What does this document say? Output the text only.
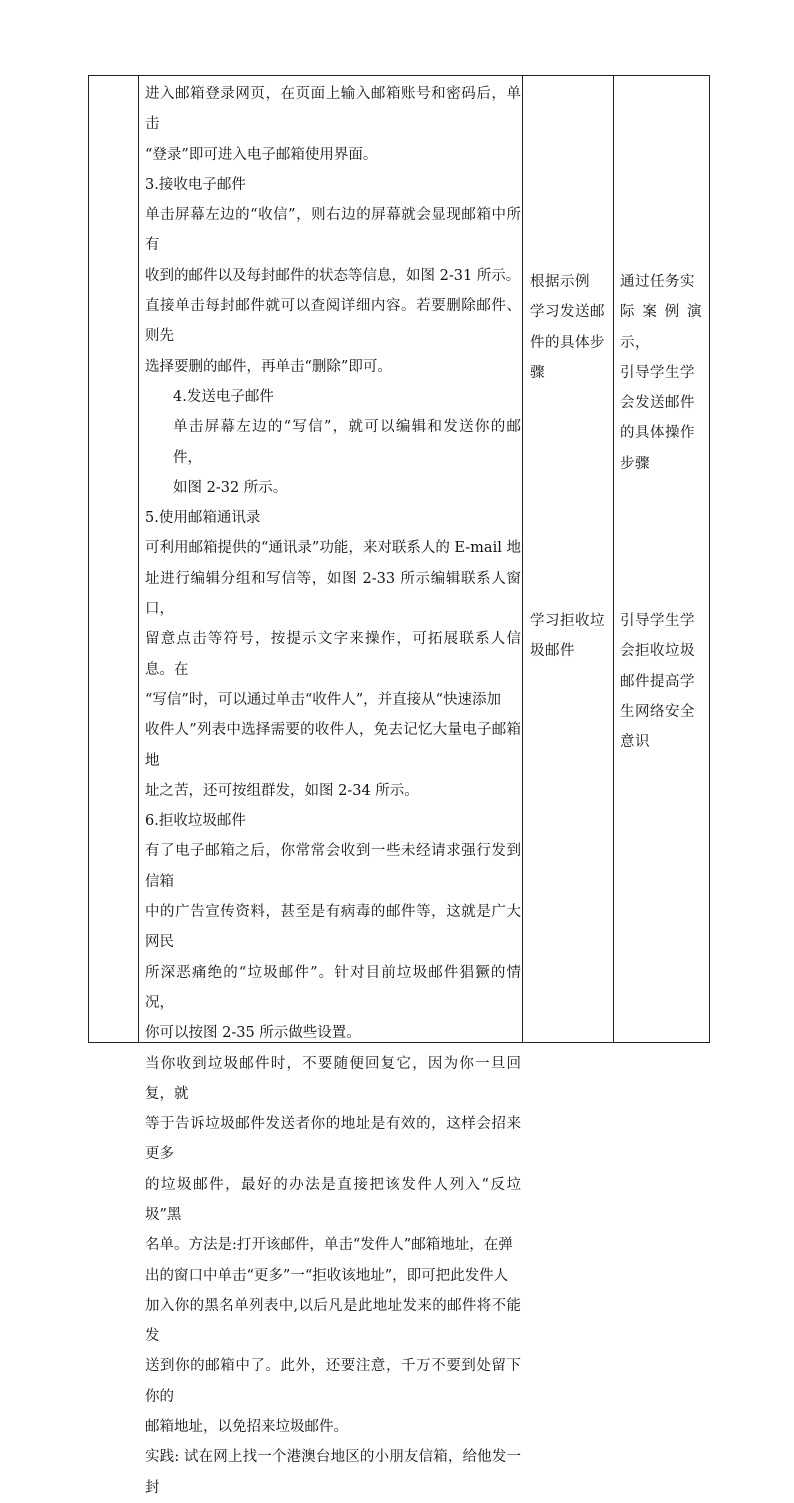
进入邮箱登录网页，在页面上输入邮箱账号和密码后，单击

“登录”即可进入电子邮箱使用界面。

3.接收电子邮件

单击屏幕左边的“收信”，则右边的屏幕就会显现邮箱中所有

收到的邮件以及每封邮件的状态等信息，如图 2-31 所示。

直接单击每封邮件就可以查阅详细内容。若要删除邮件、则先

选择要删的邮件，再单击“删除”即可。

4.发送电子邮件

单击屏幕左边的“写信”，就可以编辑和发送你的邮件，

如图 2-32 所示。

5.使用邮箱通讯录

可利用邮箱提供的“通讯录”功能，来对联系人的 E-mail 地

址进行编辑分组和写信等，如图 2-33 所示编辑联系人窗口，

留意点击等符号，按提示文字来操作，可拓展联系人信息。在

“写信”时，可以通过单击“收件人”，并直接从“快速添加

收件人”列表中选择需要的收件人，免去记忆大量电子邮箱地

址之苦，还可按组群发，如图 2-34 所示。

6.拒收垃圾邮件

有了电子邮箱之后，你常常会收到一些未经请求强行发到信箱

中的广告宣传资料，甚至是有病毒的邮件等，这就是广大网民

所深恶痛绝的“垃圾邮件”。针对目前垃圾邮件猖獗的情况，

你可以按图 2-35 所示做些设置。

当你收到垃圾邮件时，不要随便回复它，因为你一旦回复，就

等于告诉垃圾邮件发送者你的地址是有效的，这样会招来更多

的垃圾邮件，最好的办法是直接把该发件人列入“反垃圾”黑

名单。方法是:打开该邮件，单击“发件人”邮箱地址，在弹

出的窗口中单击“更多”一“拒收该地址”，即可把此发件人

加入你的黑名单列表中,以后凡是此地址发来的邮件将不能发

送到你的邮箱中了。此外，还要注意，千万不要到处留下你的

邮箱地址，以免招来垃圾邮件。

实践: 试在网上找一个港澳台地区的小朋友信箱，给他发一封

根据示例

学习发送邮

件的具体步

骤

学习拒收垃

圾邮件

通过任务实

际案例演示，

引导学生学

会发送邮件

的具体操作

步骤

引导学生学

会拒收垃圾

邮件提高学

生网络安全

意识
